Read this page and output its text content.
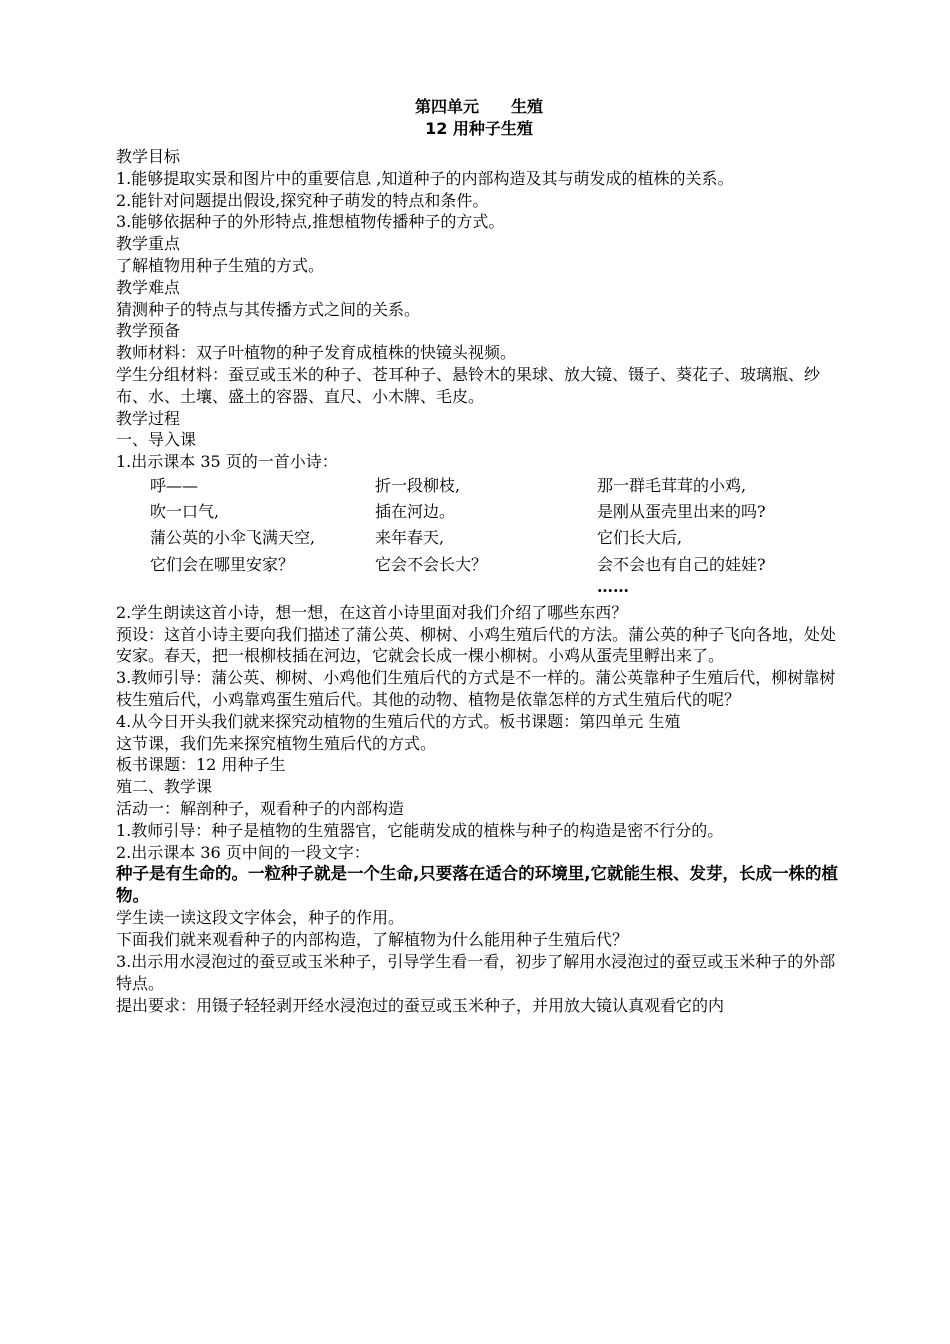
第四单元　　生殖
12 用种子生殖
教学目标
1.能够提取实景和图片中的重要信息 ,知道种子的内部构造及其与萌发成的植株的关系。
2.能针对问题提出假设,探究种子萌发的特点和条件。
3.能够依据种子的外形特点,推想植物传播种子的方式。
教学重点
了解植物用种子生殖的方式。
教学难点
猜测种子的特点与其传播方式之间的关系。
教学预备
教师材料：双子叶植物的种子发育成植株的快镜头视频。
学生分组材料：蚕豆或玉米的种子、苍耳种子、悬铃木的果球、放大镜、镊子、葵花子、玻璃瓶、纱布、水、土壤、盛土的容器、直尺、小木牌、毛皮。
教学过程
一、导入课
1.出示课本 35 页的一首小诗：
呼——	折一段柳枝,	那一群毛茸茸的小鸡,
吹一口气,	插在河边。	是刚从蛋壳里出来的吗?
蒲公英的小伞飞满天空,	来年春天,	它们长大后,
它们会在哪里安家？	它会不会长大？	会不会也有自己的娃娃?
……
2.学生朗读这首小诗，想一想，在这首小诗里面对我们介绍了哪些东西？
预设：这首小诗主要向我们描述了蒲公英、柳树、小鸡生殖后代的方法。蒲公英的种子飞向各地，处处安家。春天，把一根柳枝插在河边，它就会长成一棵小柳树。小鸡从蛋壳里孵出来了。
3.教师引导：蒲公英、柳树、小鸡他们生殖后代的方式是不一样的。蒲公英靠种子生殖后代，柳树靠树枝生殖后代，小鸡靠鸡蛋生殖后代。其他的动物、植物是依靠怎样的方式生殖后代的呢？
4.从今日开头我们就来探究动植物的生殖后代的方式。板书课题：第四单元 生殖
这节课，我们先来探究植物生殖后代的方式。
板书课题：12 用种子生
殖二、教学课
活动一：解剖种子，观看种子的内部构造
1.教师引导：种子是植物的生殖器官，它能萌发成的植株与种子的构造是密不行分的。
2.出示课本 36 页中间的一段文字：
种子是有生命的。一粒种子就是一个生命,只要落在适合的环境里,它就能生根、发芽，长成一株的植物。
学生读一读这段文字体会，种子的作用。
下面我们就来观看种子的内部构造，了解植物为什么能用种子生殖后代？
3.出示用水浸泡过的蚕豆或玉米种子，引导学生看一看，初步了解用水浸泡过的蚕豆或玉米种子的外部特点。
提出要求：用镊子轻轻剥开经水浸泡过的蚕豆或玉米种子，并用放大镜认真观看它的内
